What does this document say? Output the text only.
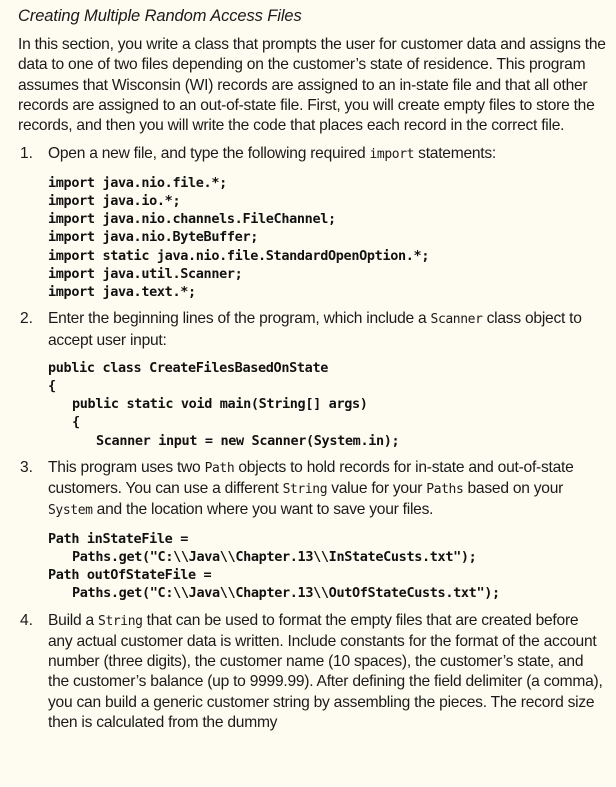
Creating Multiple Random Access Files

In this section, you write a class that prompts the user for customer data and assigns the data to one of two files depending on the customer’s state of residence. This program assumes that Wisconsin (WI) records are assigned to an in-state file and that all other records are assigned to an out-of-state file. First, you will create empty files to store the records, and then you will write the code that places each record in the correct file.

1. Open a new file, and type the following required import statements:

import java.nio.file.*;
import java.io.*;
import java.nio.channels.FileChannel;
import java.nio.ByteBuffer;
import static java.nio.file.StandardOpenOption.*;
import java.util.Scanner;
import java.text.*;
2. Enter the beginning lines of the program, which include a Scanner class object to accept user input:

public class CreateFilesBasedOnState
{
public static void main(String[] args)
{
Scanner input = new Scanner(System.in);
3. This program uses two Path objects to hold records for in-state and out-of-state customers. You can use a different String value for your Paths based on your System and the location where you want to save your files.

Path inStateFile =
Paths.get("C:\\Java\\Chapter.13\\InStateCusts.txt");
Path outOfStateFile =
Paths.get("C:\\Java\\Chapter.13\\OutOfStateCusts.txt");
4. Build a String that can be used to format the empty files that are created before any actual customer data is written. Include constants for the format of the account number (three digits), the customer name (10 spaces), the customer’s state, and the customer’s balance (up to 9999.99). After defining the field delimiter (a comma), you can build a generic customer string by assembling the pieces. The record size then is calculated from the dummy
